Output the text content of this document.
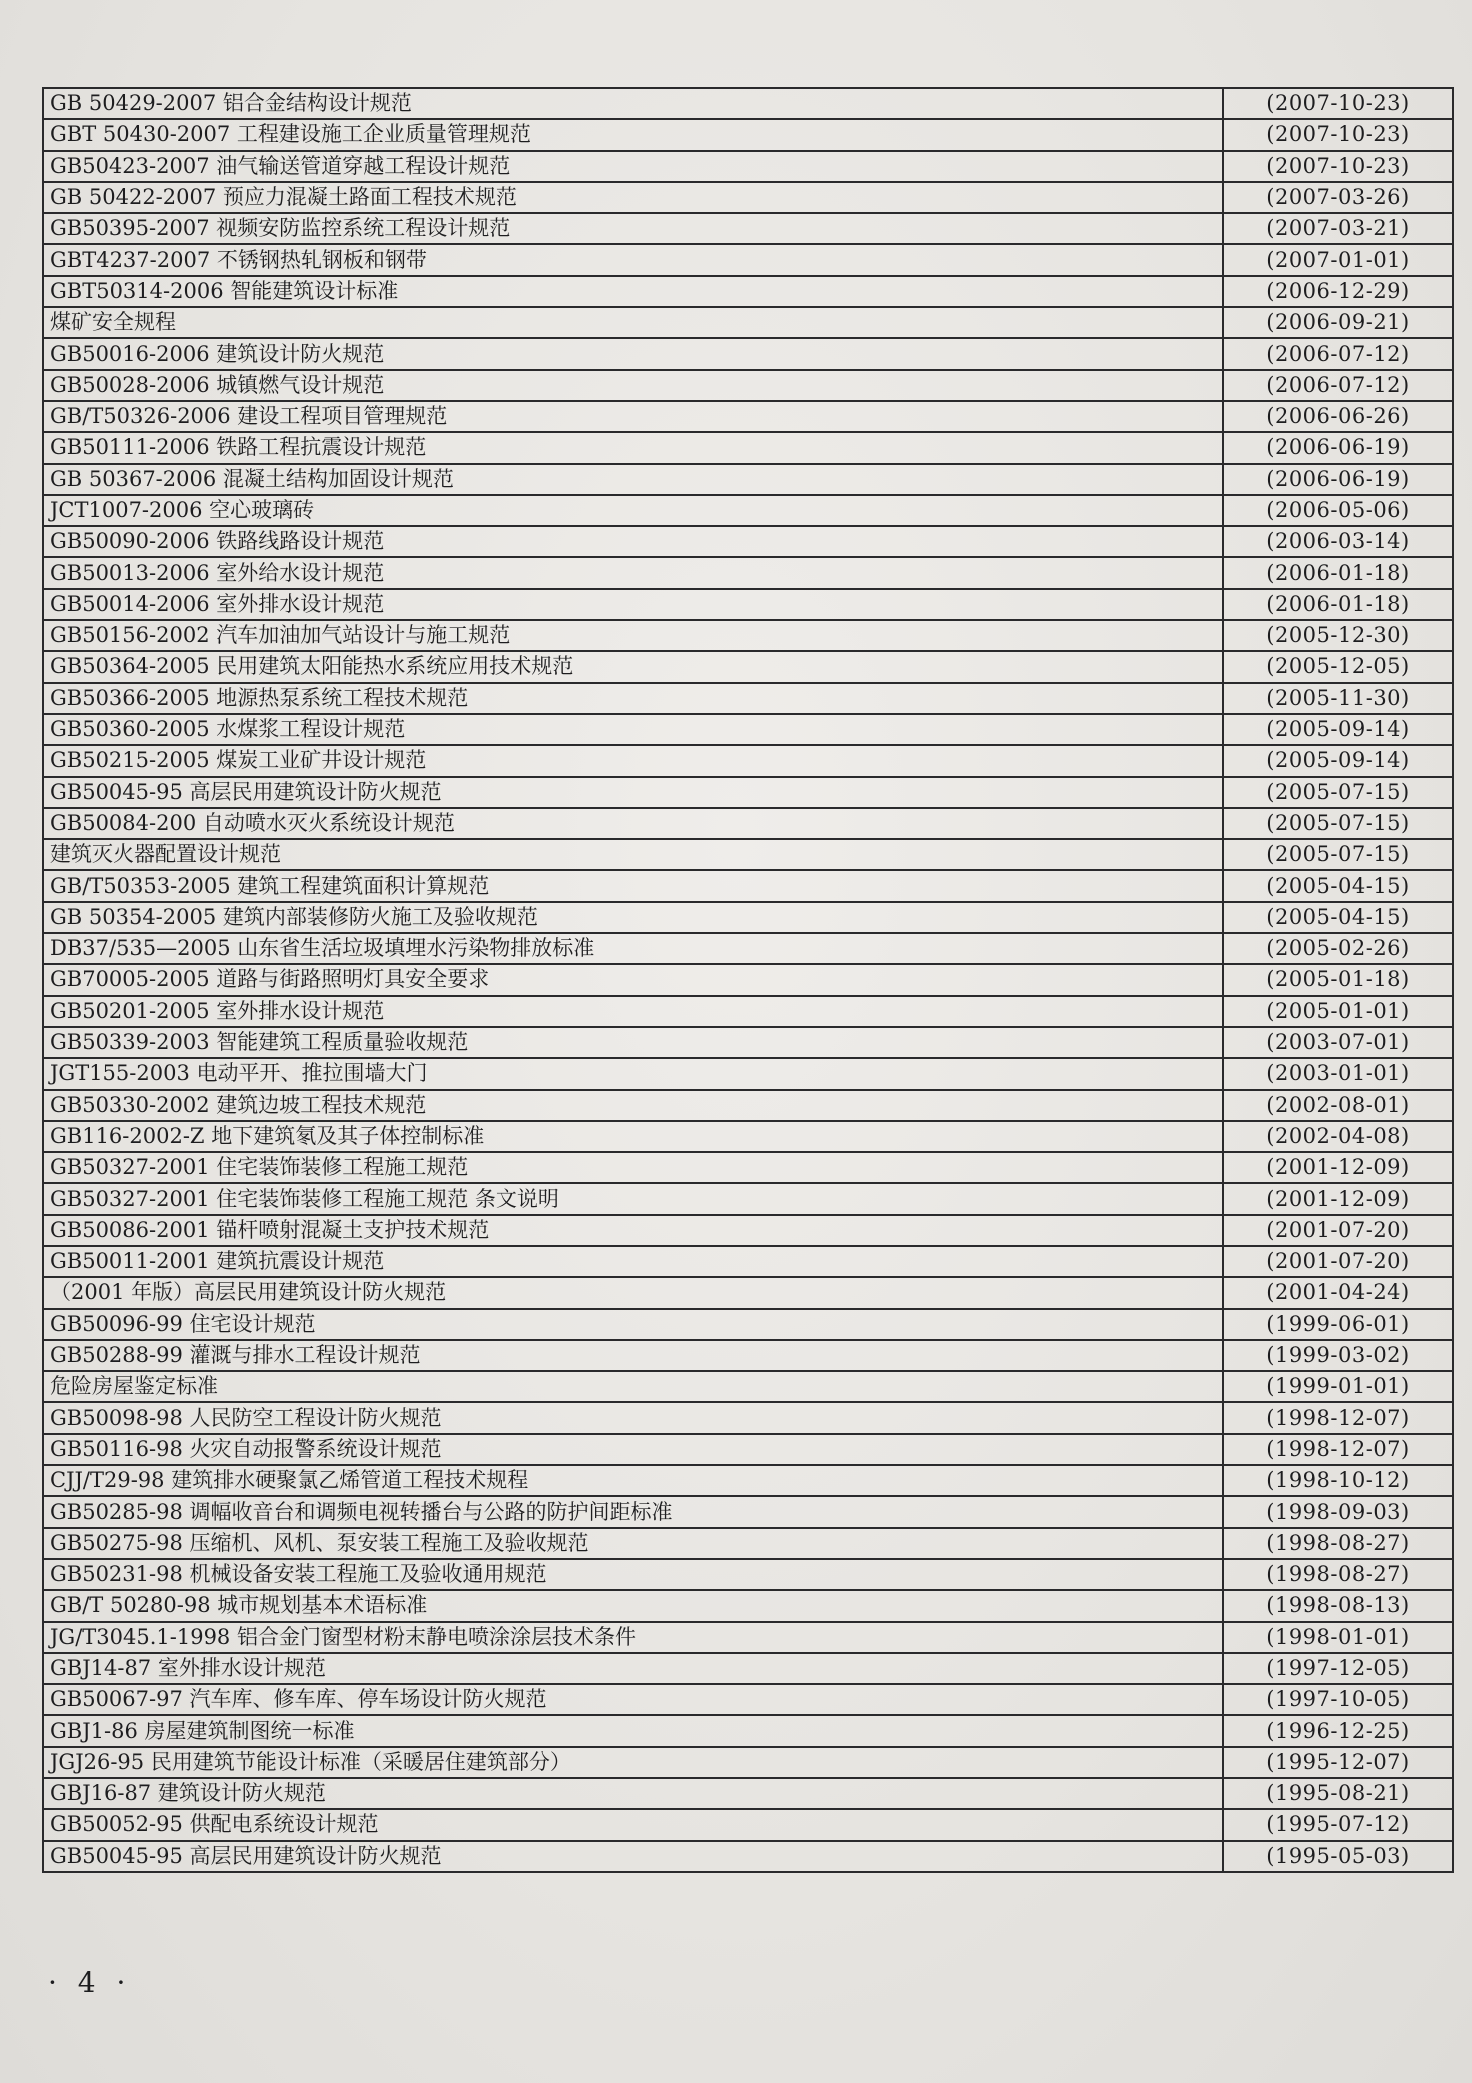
GB 50429-2007 铝合金结构设计规范	(2007-10-23)
GBT 50430-2007 工程建设施工企业质量管理规范	(2007-10-23)
GB50423-2007 油气输送管道穿越工程设计规范	(2007-10-23)
GB 50422-2007 预应力混凝土路面工程技术规范	(2007-03-26)
GB50395-2007 视频安防监控系统工程设计规范	(2007-03-21)
GBT4237-2007 不锈钢热轧钢板和钢带	(2007-01-01)
GBT50314-2006 智能建筑设计标准	(2006-12-29)
煤矿安全规程	(2006-09-21)
GB50016-2006 建筑设计防火规范	(2006-07-12)
GB50028-2006 城镇燃气设计规范	(2006-07-12)
GB/T50326-2006 建设工程项目管理规范	(2006-06-26)
GB50111-2006 铁路工程抗震设计规范	(2006-06-19)
GB 50367-2006 混凝土结构加固设计规范	(2006-06-19)
JCT1007-2006 空心玻璃砖	(2006-05-06)
GB50090-2006 铁路线路设计规范	(2006-03-14)
GB50013-2006 室外给水设计规范	(2006-01-18)
GB50014-2006 室外排水设计规范	(2006-01-18)
GB50156-2002 汽车加油加气站设计与施工规范	(2005-12-30)
GB50364-2005 民用建筑太阳能热水系统应用技术规范	(2005-12-05)
GB50366-2005 地源热泵系统工程技术规范	(2005-11-30)
GB50360-2005 水煤浆工程设计规范	(2005-09-14)
GB50215-2005 煤炭工业矿井设计规范	(2005-09-14)
GB50045-95 高层民用建筑设计防火规范	(2005-07-15)
GB50084-200 自动喷水灭火系统设计规范	(2005-07-15)
建筑灭火器配置设计规范	(2005-07-15)
GB/T50353-2005 建筑工程建筑面积计算规范	(2005-04-15)
GB 50354-2005 建筑内部装修防火施工及验收规范	(2005-04-15)
DB37/535—2005 山东省生活垃圾填埋水污染物排放标准	(2005-02-26)
GB70005-2005 道路与街路照明灯具安全要求	(2005-01-18)
GB50201-2005 室外排水设计规范	(2005-01-01)
GB50339-2003 智能建筑工程质量验收规范	(2003-07-01)
JGT155-2003 电动平开、推拉围墙大门	(2003-01-01)
GB50330-2002 建筑边坡工程技术规范	(2002-08-01)
GB116-2002-Z 地下建筑氡及其子体控制标准	(2002-04-08)
GB50327-2001 住宅装饰装修工程施工规范	(2001-12-09)
GB50327-2001 住宅装饰装修工程施工规范 条文说明	(2001-12-09)
GB50086-2001 锚杆喷射混凝土支护技术规范	(2001-07-20)
GB50011-2001 建筑抗震设计规范	(2001-07-20)
（2001 年版）高层民用建筑设计防火规范	(2001-04-24)
GB50096-99 住宅设计规范	(1999-06-01)
GB50288-99 灌溉与排水工程设计规范	(1999-03-02)
危险房屋鉴定标准	(1999-01-01)
GB50098-98 人民防空工程设计防火规范	(1998-12-07)
GB50116-98 火灾自动报警系统设计规范	(1998-12-07)
CJJ/T29-98 建筑排水硬聚氯乙烯管道工程技术规程	(1998-10-12)
GB50285-98 调幅收音台和调频电视转播台与公路的防护间距标准	(1998-09-03)
GB50275-98 压缩机、风机、泵安装工程施工及验收规范	(1998-08-27)
GB50231-98 机械设备安装工程施工及验收通用规范	(1998-08-27)
GB/T 50280-98 城市规划基本术语标准	(1998-08-13)
JG/T3045.1-1998 铝合金门窗型材粉末静电喷涂涂层技术条件	(1998-01-01)
GBJ14-87 室外排水设计规范	(1997-12-05)
GB50067-97 汽车库、修车库、停车场设计防火规范	(1997-10-05)
GBJ1-86 房屋建筑制图统一标准	(1996-12-25)
JGJ26-95 民用建筑节能设计标准（采暖居住建筑部分）	(1995-12-07)
GBJ16-87 建筑设计防火规范	(1995-08-21)
GB50052-95 供配电系统设计规范	(1995-07-12)
GB50045-95 高层民用建筑设计防火规范	(1995-05-03)
· 4 ·
